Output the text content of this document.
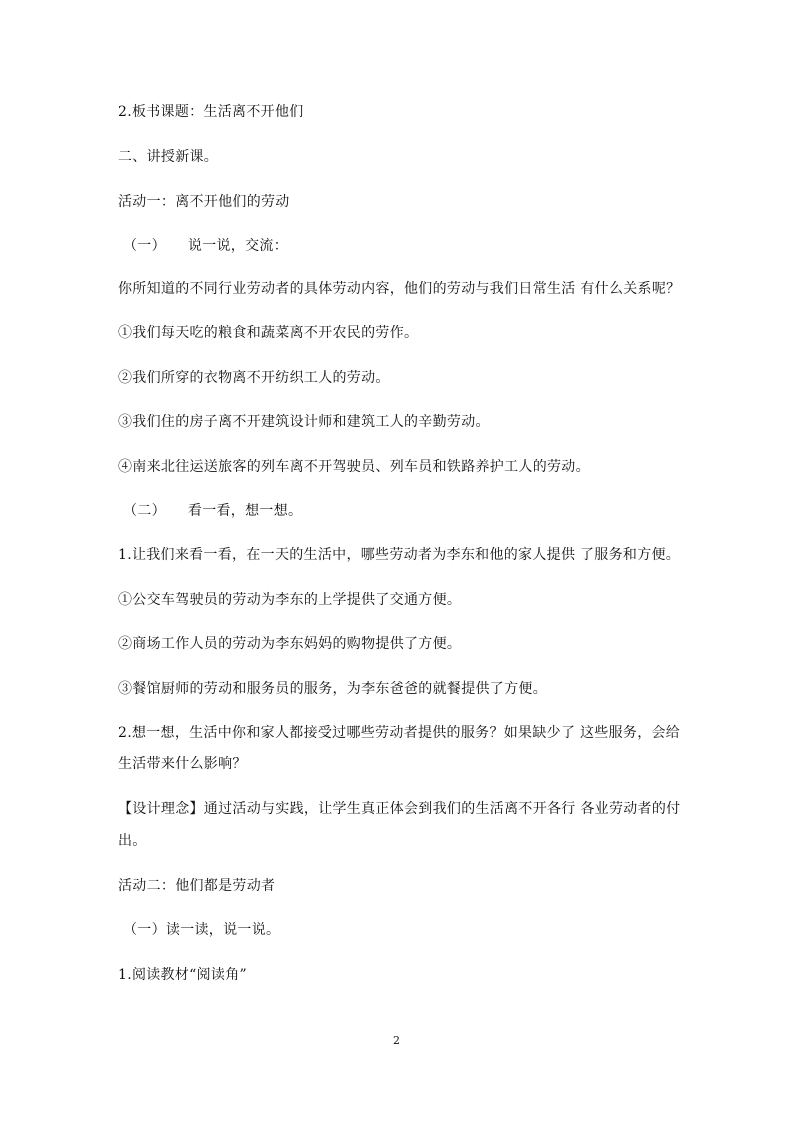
2.板书课题：生活离不开他们
二、讲授新课。
活动一：离不开他们的劳动
（一） 说一说，交流：
你所知道的不同行业劳动者的具体劳动内容，他们的劳动与我们日常生活 有什么关系呢？
①我们每天吃的粮食和蔬菜离不开农民的劳作。
②我们所穿的衣物离不开纺织工人的劳动。
③我们住的房子离不开建筑设计师和建筑工人的辛勤劳动。
④南来北往运送旅客的列车离不开驾驶员、列车员和铁路养护工人的劳动。
（二） 看一看，想一想。
1.让我们来看一看，在一天的生活中，哪些劳动者为李东和他的家人提供 了服务和方便。
①公交车驾驶员的劳动为李东的上学提供了交通方便。
②商场工作人员的劳动为李东妈妈的购物提供了方便。
③餐馆厨师的劳动和服务员的服务，为李东爸爸的就餐提供了方便。
2.想一想，生活中你和家人都接受过哪些劳动者提供的服务？如果缺少了 这些服务，会给
生活带来什么影响？
【设计理念】通过活动与实践，让学生真正体会到我们的生活离不开各行 各业劳动者的付
出。
活动二：他们都是劳动者
（一）读一读，说一说。
1.阅读教材“阅读角”
2
